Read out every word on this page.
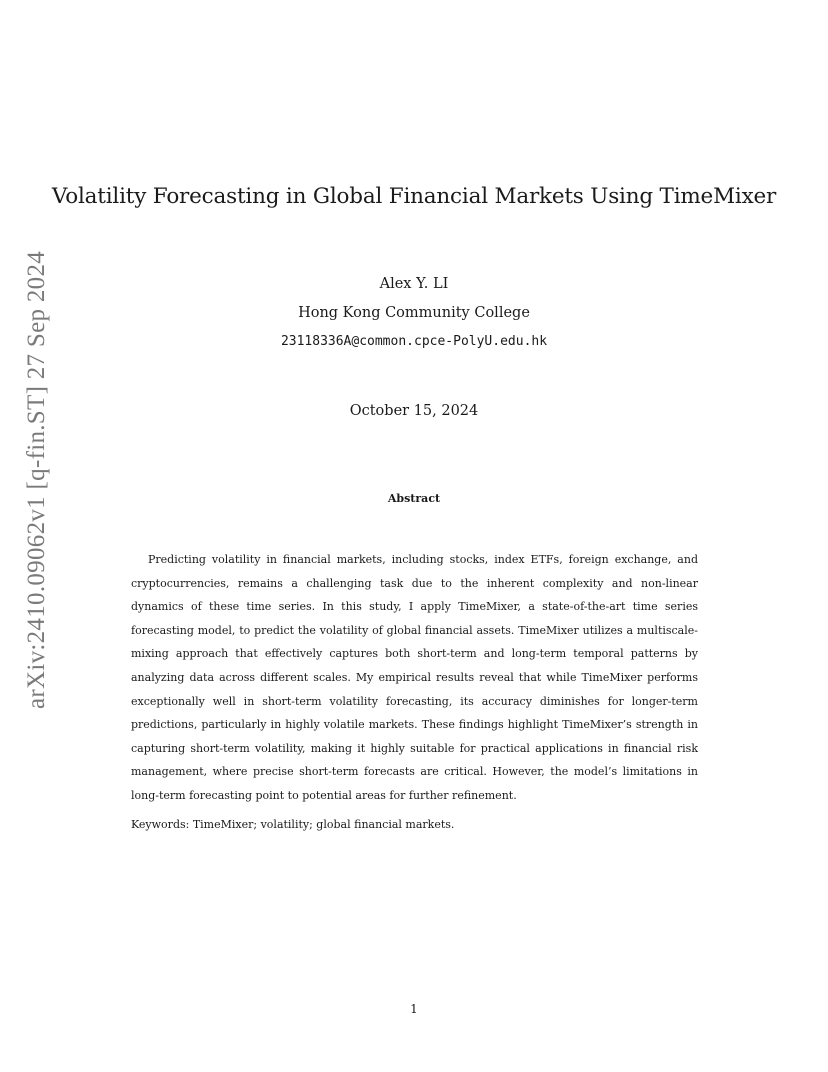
arXiv:2410.09062v1 [q-fin.ST] 27 Sep 2024
Volatility Forecasting in Global Financial Markets Using TimeMixer
Alex Y. LI
Hong Kong Community College
23118336A@common.cpce-PolyU.edu.hk
October 15, 2024
Abstract

Predicting volatility in financial markets, including stocks, index ETFs, foreign exchange, and cryptocurrencies, remains a challenging task due to the inherent complexity and non-linear dynamics of these time series. In this study, I apply TimeMixer, a state-of-the-art time series forecasting model, to predict the volatility of global financial assets. TimeMixer utilizes a multiscale-mixing approach that effectively captures both short-term and long-term temporal patterns by analyzing data across different scales. My empirical results reveal that while TimeMixer performs exceptionally well in short-term volatility forecasting, its accuracy diminishes for longer-term predictions, particularly in highly volatile markets. These findings highlight TimeMixer’s strength in capturing short-term volatility, making it highly suitable for practical applications in financial risk management, where precise short-term forecasts are critical. However, the model’s limitations in long-term forecasting point to potential areas for further refinement.

Keywords: TimeMixer; volatility; global financial markets.
1
